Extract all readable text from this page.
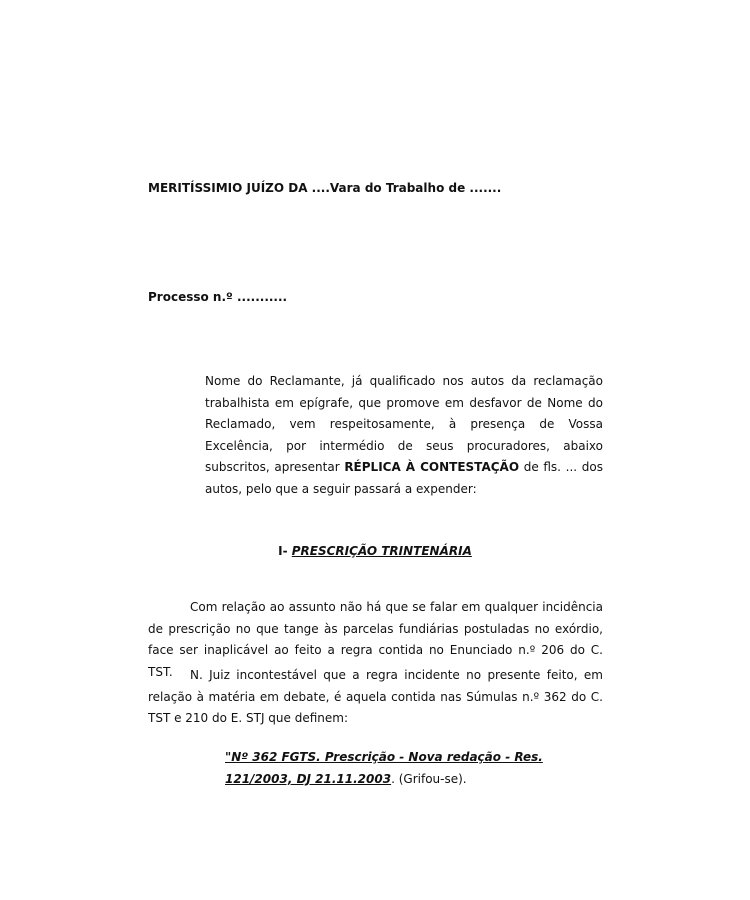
MERITÍSSIMIO JUÍZO DA ....Vara do Trabalho de .......
Processo n.º ...........
Nome do Reclamante, já qualificado nos autos da reclamação trabalhista em epígrafe, que promove em desfavor de Nome do Reclamado, vem respeitosamente, à presença de Vossa Excelência, por intermédio de seus procuradores, abaixo subscritos, apresentar RÉPLICA À CONTESTAÇÃO de fls. ... dos autos, pelo que a seguir passará a expender:
I- PRESCRIÇÃO TRINTENÁRIA
Com relação ao assunto não há que se falar em qualquer incidência de prescrição no que tange às parcelas fundiárias postuladas no exórdio, face ser inaplicável ao feito a regra contida no Enunciado n.º 206 do C. TST.	N. Juiz incontestável que a regra incidente no presente feito, em relação à matéria em debate, é aquela contida nas Súmulas n.º 362 do C. TST e 210 do E. STJ que definem:
"Nº 362 FGTS. Prescrição - Nova redação - Res. 121/2003, DJ 21.11.2003. (Grifou-se).
